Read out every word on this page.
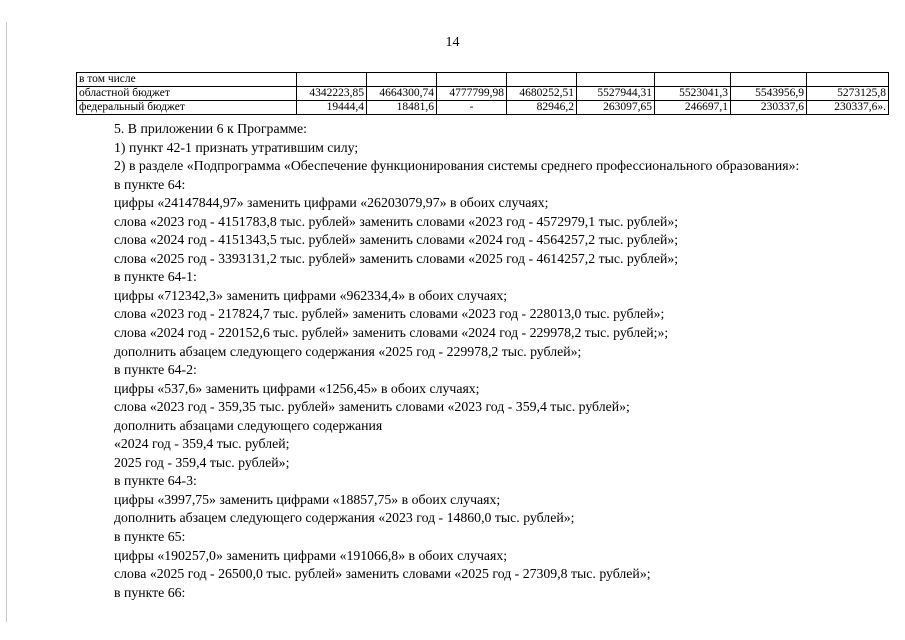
14
в том числе								
областной бюджет	4342223,85	4664300,74	4777799,98	4680252,51	5527944,31	5523041,3	5543956,9	5273125,8
федеральный бюджет	19444,4	18481,6	-	82946,2	263097,65	246697,1	230337,6	230337,6».

5. В приложении 6 к Программе:

1) пункт 42-1 признать утратившим силу;

2) в разделе «Подпрограмма «Обеспечение функционирования системы среднего профессионального образования»:

в пункте 64:

цифры «24147844,97» заменить цифрами «26203079,97» в обоих случаях;

слова «2023 год - 4151783,8 тыс. рублей» заменить словами «2023 год - 4572979,1 тыс. рублей»;

слова «2024 год - 4151343,5 тыс. рублей» заменить словами «2024 год - 4564257,2 тыс. рублей»;

слова «2025 год - 3393131,2 тыс. рублей» заменить словами «2025 год - 4614257,2 тыс. рублей»;

в пункте 64-1:

цифры «712342,3» заменить цифрами «962334,4» в обоих случаях;

слова «2023 год - 217824,7 тыс. рублей» заменить словами «2023 год - 228013,0 тыс. рублей»;

слова «2024 год - 220152,6 тыс. рублей» заменить словами «2024 год - 229978,2 тыс. рублей;»;

дополнить абзацем следующего содержания «2025 год - 229978,2 тыс. рублей»;

в пункте 64-2:

цифры «537,6» заменить цифрами «1256,45» в обоих случаях;

слова «2023 год - 359,35 тыс. рублей» заменить словами «2023 год - 359,4 тыс. рублей»;

дополнить абзацами следующего содержания

«2024 год - 359,4 тыс. рублей;

2025 год - 359,4 тыс. рублей»;

в пункте 64-3:

цифры «3997,75» заменить цифрами «18857,75» в обоих случаях;

дополнить абзацем следующего содержания «2023 год - 14860,0 тыс. рублей»;

в пункте 65:

цифры «190257,0» заменить цифрами «191066,8» в обоих случаях;

слова «2025 год - 26500,0 тыс. рублей» заменить словами «2025 год - 27309,8 тыс. рублей»;

в пункте 66:
